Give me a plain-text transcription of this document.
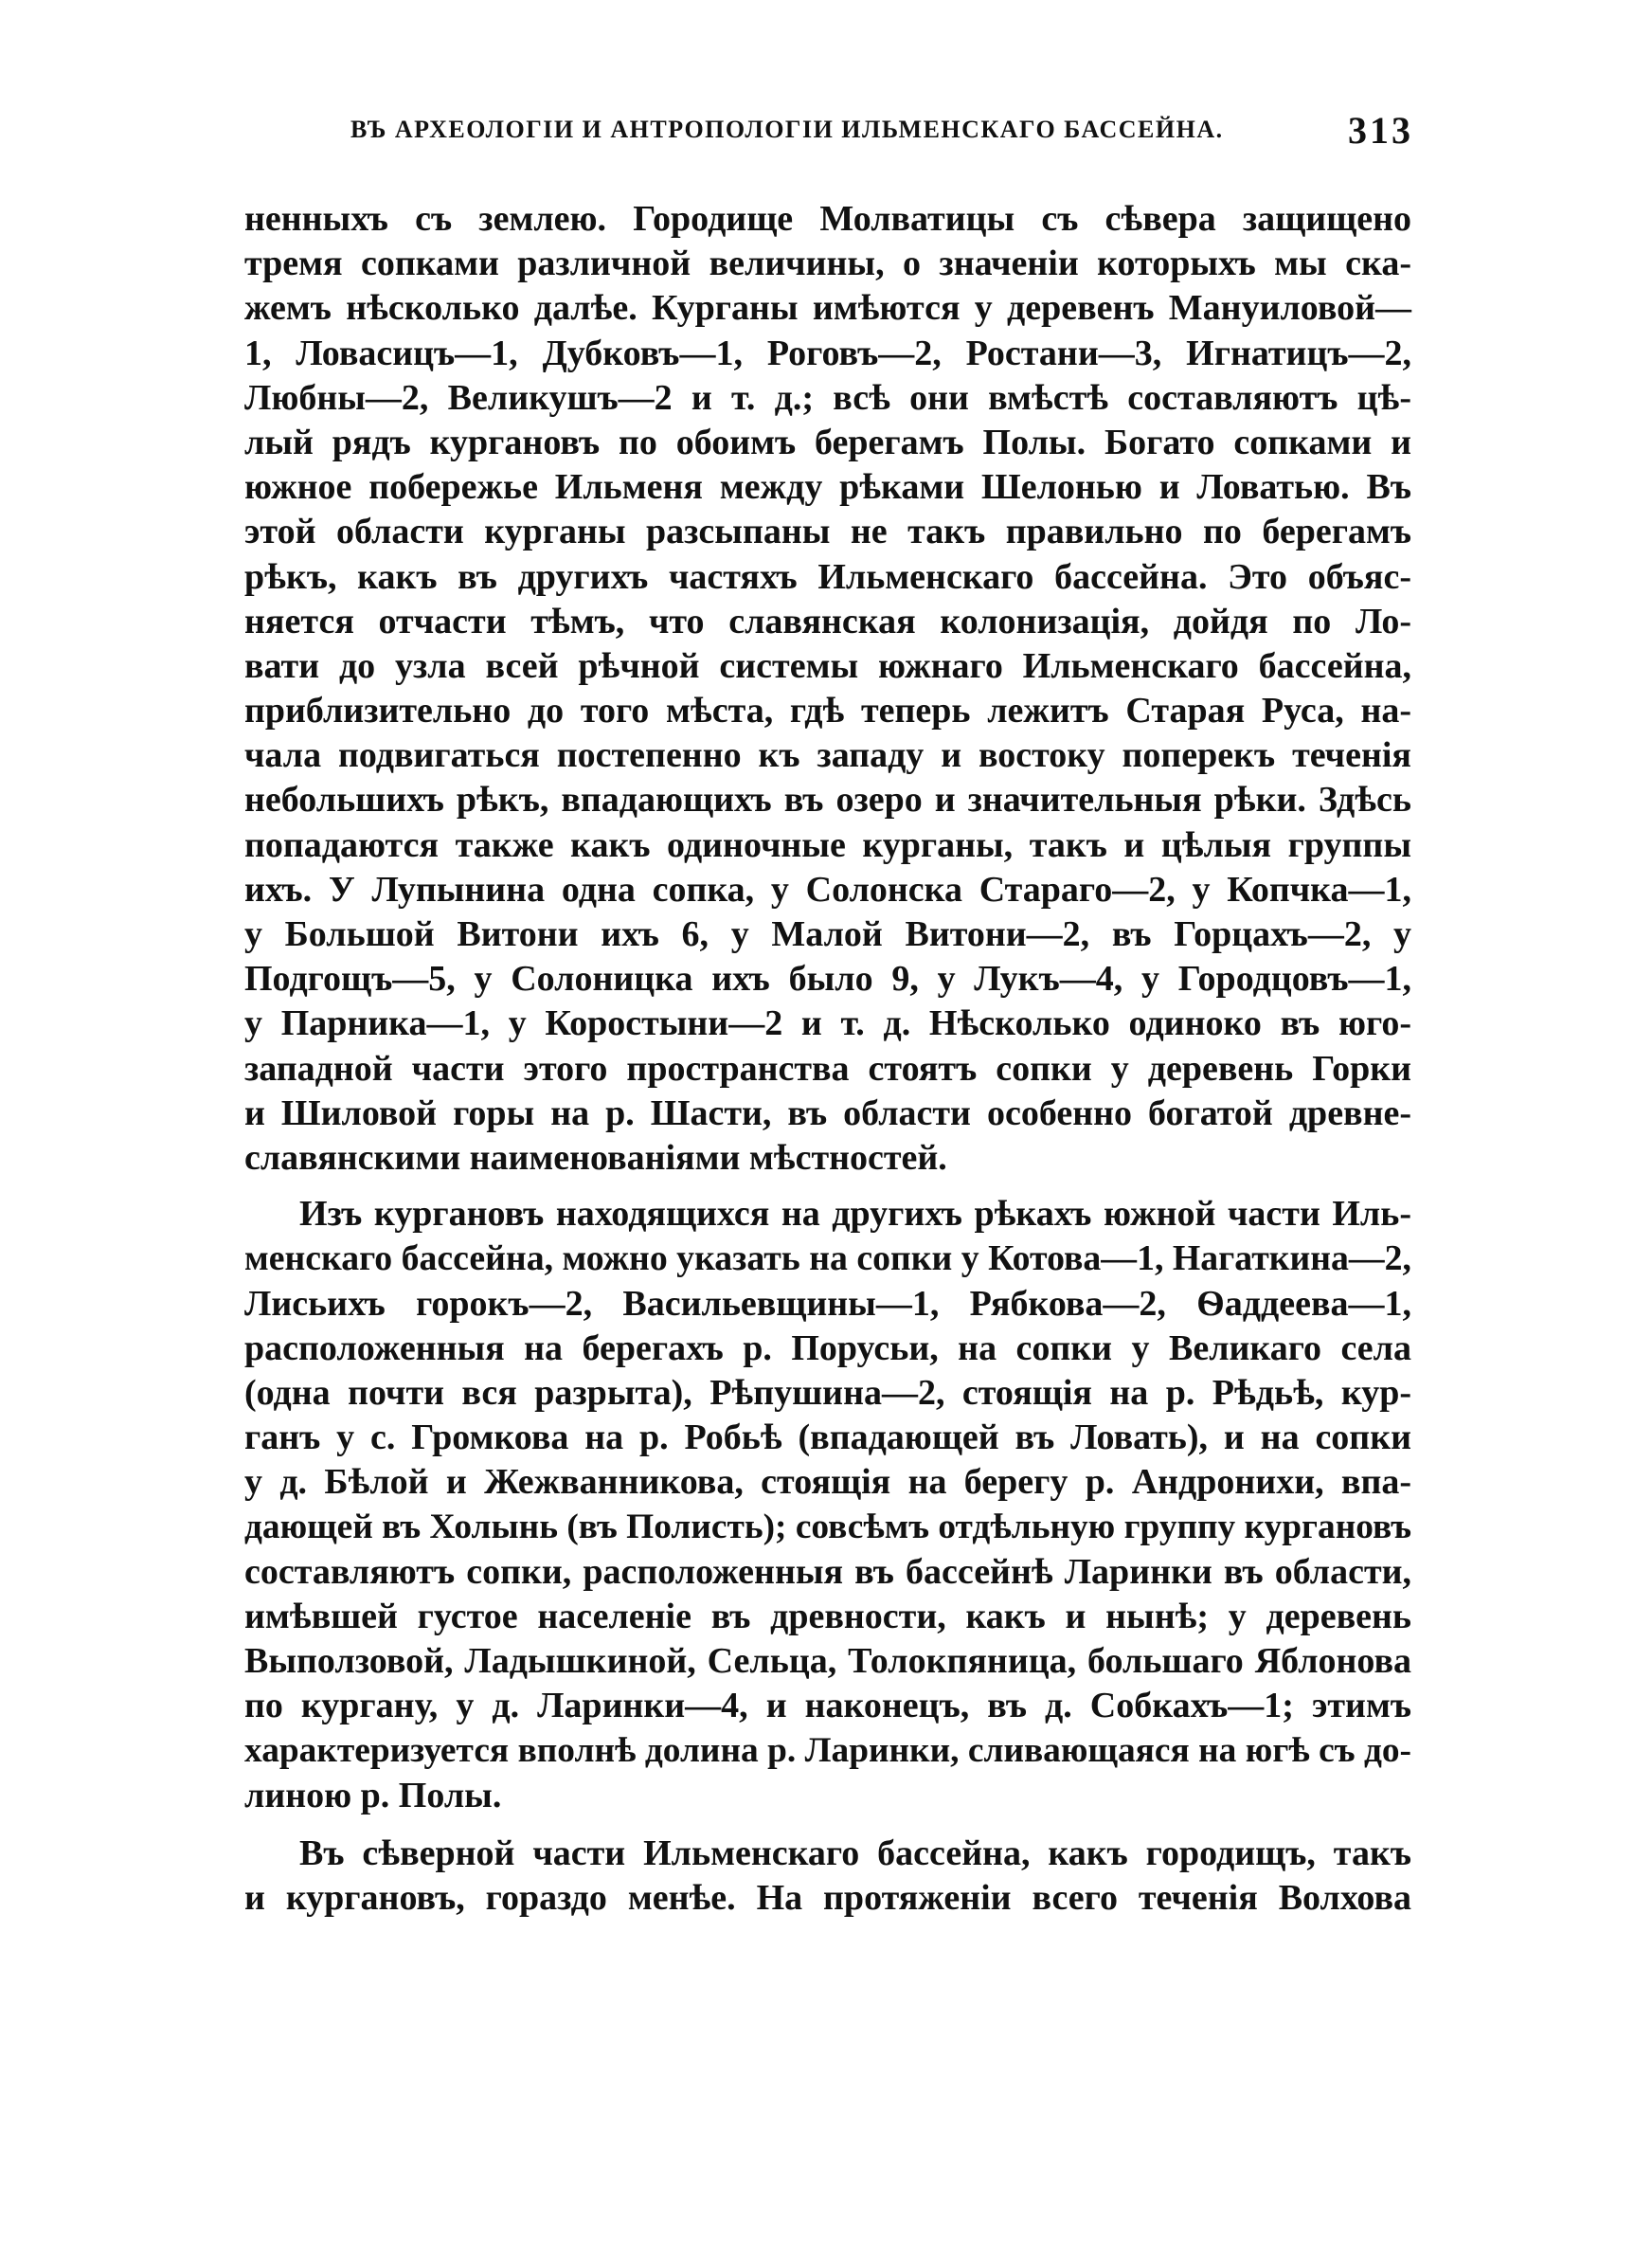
ВЪ АРХЕОЛОГІИ И АНТРОПОЛОГІИ ИЛЬМЕНСКАГО БАССЕЙНА.	313
ненныхъ съ землею. Городище Молватицы съ сѣвера защищено
тремя сопками различной величины, о значеніи которыхъ мы ска-
жемъ нѣсколько далѣе. Курганы имѣются у деревенъ Мануиловой—
1, Ловасицъ—1, Дубковъ—1, Роговъ—2, Ростани—3, Игнатицъ—2,
Любны—2, Великушъ—2 и т. д.; всѣ они вмѣстѣ составляютъ цѣ-
лый рядъ кургановъ по обоимъ берегамъ Полы. Богато сопками и
южное побережье Ильменя между рѣками Шелонью и Ловатью. Въ
этой области курганы разсыпаны не такъ правильно по берегамъ
рѣкъ, какъ въ другихъ частяхъ Ильменскаго бассейна. Это объяс-
няется отчасти тѣмъ, что славянская колонизація, дойдя по Ло-
вати до узла всей рѣчной системы южнаго Ильменскаго бассейна,
приблизительно до того мѣста, гдѣ теперь лежитъ Старая Руса, на-
чала подвигаться постепенно къ западу и востоку поперекъ теченія
небольшихъ рѣкъ, впадающихъ въ озеро и значительныя рѣки. Здѣсь
попадаются также какъ одиночные курганы, такъ и цѣлыя группы
ихъ. У Лупынина одна сопка, у Солонска Стараго—2, у Копчка—1,
у Большой Витони ихъ 6, у Малой Витони—2, въ Горцахъ—2, у
Подгощъ—5, у Солоницка ихъ было 9, у Лукъ—4, у Городцовъ—1,
у Парника—1, у Коростыни—2 и т. д. Нѣсколько одиноко въ юго-
западной части этого пространства стоятъ сопки у деревень Горки
и Шиловой горы на р. Шасти, въ области особенно богатой древне-
славянскими наименованіями мѣстностей.
Изъ кургановъ находящихся на другихъ рѣкахъ южной части Иль-
менскаго бассейна, можно указать на сопки у Котова—1, Нагаткина—2,
Лисьихъ горокъ—2, Васильевщины—1, Рябкова—2, Ѳаддеева—1,
расположенныя на берегахъ р. Порусьи, на сопки у Великаго села
(одна почти вся разрыта), Рѣпушина—2, стоящія на р. Рѣдьѣ, кур-
ганъ у с. Громкова на р. Робьѣ (впадающей въ Ловать), и на сопки
у д. Бѣлой и Жежванникова, стоящія на берегу р. Андронихи, впа-
дающей въ Холынь (въ Полисть); совсѣмъ отдѣльную группу кургановъ
составляютъ сопки, расположенныя въ бассейнѣ Ларинки въ области,
имѣвшей густое населеніе въ древности, какъ и нынѣ; у деревень
Выползовой, Ладышкиной, Сельца, Толокпяница, большаго Яблонова
по кургану, у д. Ларинки—4, и наконецъ, въ д. Собкахъ—1; этимъ
характеризуется вполнѣ долина р. Ларинки, сливающаяся на югѣ съ до-
линою р. Полы.
Въ сѣверной части Ильменскаго бассейна, какъ городищъ, такъ
и кургановъ, гораздо менѣе. На протяженіи всего теченія Волхова
